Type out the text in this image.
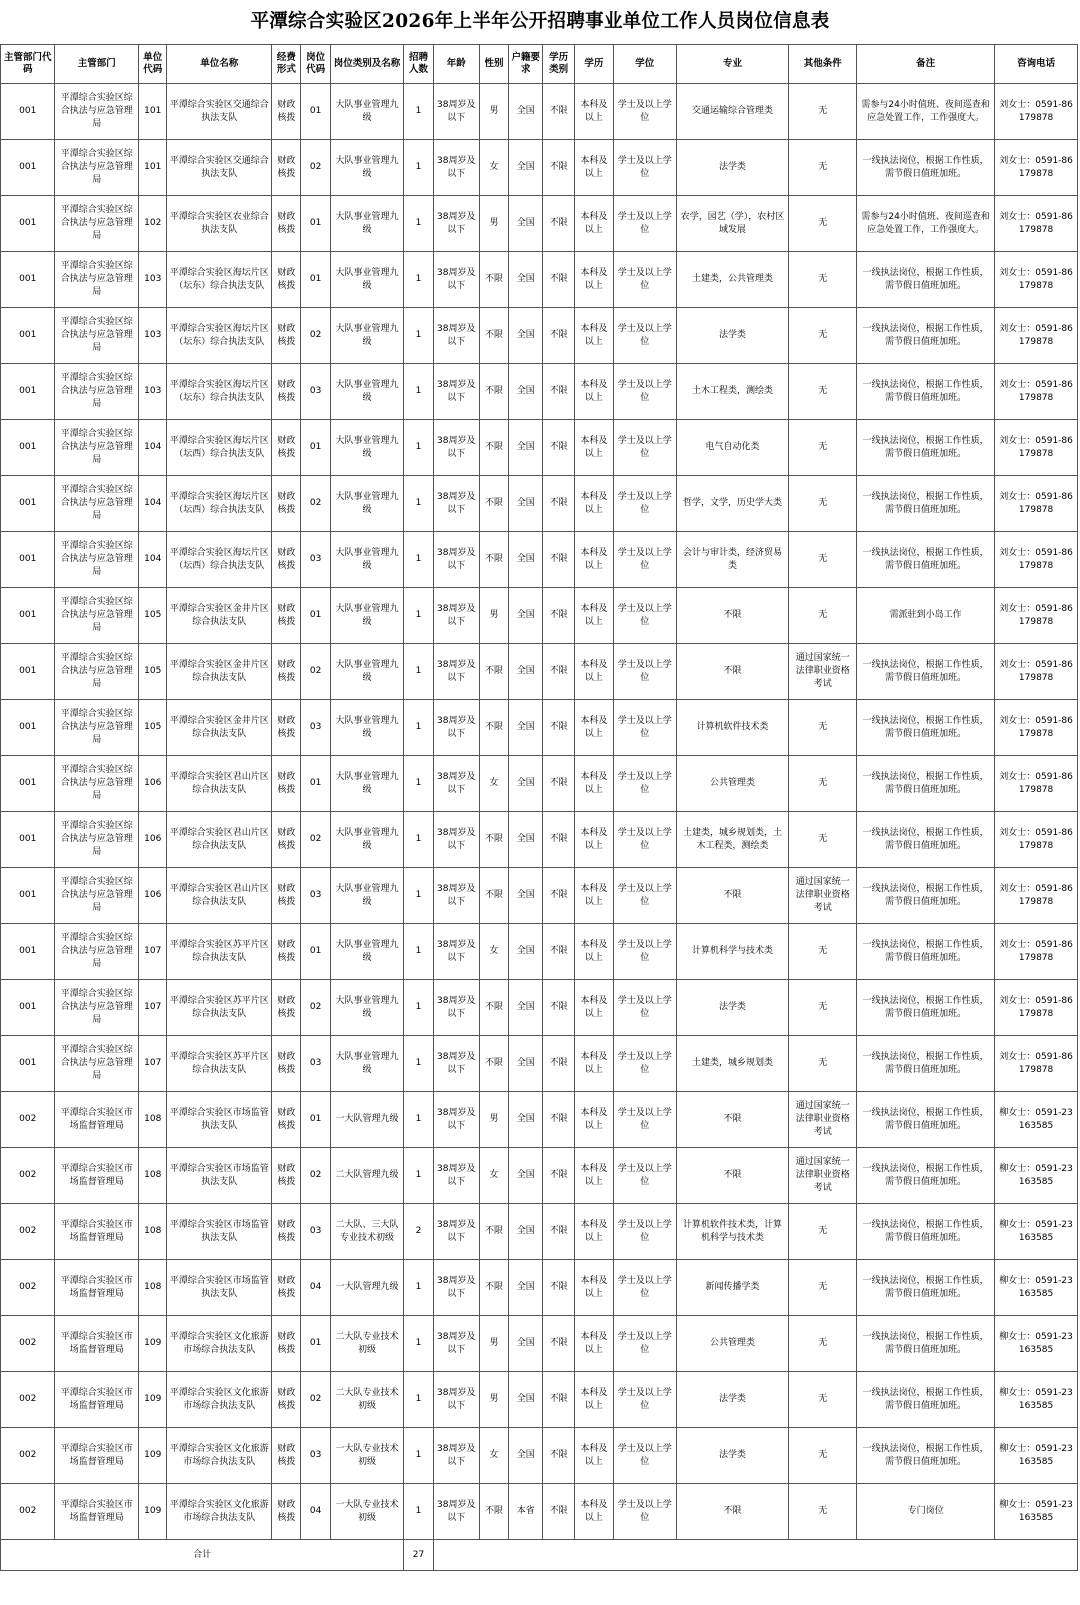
平潭综合实验区2026年上半年公开招聘事业单位工作人员岗位信息表
主管部门代码	主管部门	单位代码	单位名称	经费形式	岗位代码	岗位类别及名称	招聘人数	年龄	性别	户籍要求	学历类别	学历	学位	专业	其他条件	备注	咨询电话
001	平潭综合实验区综合执法与应急管理局	101	平潭综合实验区交通综合执法支队	财政核拨	01	大队事业管理九级	1	38周岁及以下	男	全国	不限	本科及以上	学士及以上学位	交通运输综合管理类	无	需参与24小时值班、夜间巡查和应急处置工作，工作强度大。	刘女士：0591-86179878
001	平潭综合实验区综合执法与应急管理局	101	平潭综合实验区交通综合执法支队	财政核拨	02	大队事业管理九级	1	38周岁及以下	女	全国	不限	本科及以上	学士及以上学位	法学类	无	一线执法岗位，根据工作性质，需节假日值班加班。	刘女士：0591-86179878
001	平潭综合实验区综合执法与应急管理局	102	平潭综合实验区农业综合执法支队	财政核拨	01	大队事业管理九级	1	38周岁及以下	男	全国	不限	本科及以上	学士及以上学位	农学，园艺（学），农村区域发展	无	需参与24小时值班、夜间巡查和应急处置工作，工作强度大。	刘女士：0591-86179878
001	平潭综合实验区综合执法与应急管理局	103	平潭综合实验区海坛片区（坛东）综合执法支队	财政核拨	01	大队事业管理九级	1	38周岁及以下	不限	全国	不限	本科及以上	学士及以上学位	土建类，公共管理类	无	一线执法岗位，根据工作性质，需节假日值班加班。	刘女士：0591-86179878
001	平潭综合实验区综合执法与应急管理局	103	平潭综合实验区海坛片区（坛东）综合执法支队	财政核拨	02	大队事业管理九级	1	38周岁及以下	不限	全国	不限	本科及以上	学士及以上学位	法学类	无	一线执法岗位，根据工作性质，需节假日值班加班。	刘女士：0591-86179878
001	平潭综合实验区综合执法与应急管理局	103	平潭综合实验区海坛片区（坛东）综合执法支队	财政核拨	03	大队事业管理九级	1	38周岁及以下	不限	全国	不限	本科及以上	学士及以上学位	土木工程类，测绘类	无	一线执法岗位，根据工作性质，需节假日值班加班。	刘女士：0591-86179878
001	平潭综合实验区综合执法与应急管理局	104	平潭综合实验区海坛片区（坛西）综合执法支队	财政核拨	01	大队事业管理九级	1	38周岁及以下	不限	全国	不限	本科及以上	学士及以上学位	电气自动化类	无	一线执法岗位，根据工作性质，需节假日值班加班。	刘女士：0591-86179878
001	平潭综合实验区综合执法与应急管理局	104	平潭综合实验区海坛片区（坛西）综合执法支队	财政核拨	02	大队事业管理九级	1	38周岁及以下	不限	全国	不限	本科及以上	学士及以上学位	哲学，文学，历史学大类	无	一线执法岗位，根据工作性质，需节假日值班加班。	刘女士：0591-86179878
001	平潭综合实验区综合执法与应急管理局	104	平潭综合实验区海坛片区（坛西）综合执法支队	财政核拨	03	大队事业管理九级	1	38周岁及以下	不限	全国	不限	本科及以上	学士及以上学位	会计与审计类，经济贸易类	无	一线执法岗位，根据工作性质，需节假日值班加班。	刘女士：0591-86179878
001	平潭综合实验区综合执法与应急管理局	105	平潭综合实验区金井片区综合执法支队	财政核拨	01	大队事业管理九级	1	38周岁及以下	男	全国	不限	本科及以上	学士及以上学位	不限	无	需派驻到小岛工作	刘女士：0591-86179878
001	平潭综合实验区综合执法与应急管理局	105	平潭综合实验区金井片区综合执法支队	财政核拨	02	大队事业管理九级	1	38周岁及以下	不限	全国	不限	本科及以上	学士及以上学位	不限	通过国家统一法律职业资格考试	一线执法岗位，根据工作性质，需节假日值班加班。	刘女士：0591-86179878
001	平潭综合实验区综合执法与应急管理局	105	平潭综合实验区金井片区综合执法支队	财政核拨	03	大队事业管理九级	1	38周岁及以下	不限	全国	不限	本科及以上	学士及以上学位	计算机软件技术类	无	一线执法岗位，根据工作性质，需节假日值班加班。	刘女士：0591-86179878
001	平潭综合实验区综合执法与应急管理局	106	平潭综合实验区君山片区综合执法支队	财政核拨	01	大队事业管理九级	1	38周岁及以下	女	全国	不限	本科及以上	学士及以上学位	公共管理类	无	一线执法岗位，根据工作性质，需节假日值班加班。	刘女士：0591-86179878
001	平潭综合实验区综合执法与应急管理局	106	平潭综合实验区君山片区综合执法支队	财政核拨	02	大队事业管理九级	1	38周岁及以下	不限	全国	不限	本科及以上	学士及以上学位	土建类，城乡规划类，土木工程类，测绘类	无	一线执法岗位，根据工作性质，需节假日值班加班。	刘女士：0591-86179878
001	平潭综合实验区综合执法与应急管理局	106	平潭综合实验区君山片区综合执法支队	财政核拨	03	大队事业管理九级	1	38周岁及以下	不限	全国	不限	本科及以上	学士及以上学位	不限	通过国家统一法律职业资格考试	一线执法岗位，根据工作性质，需节假日值班加班。	刘女士：0591-86179878
001	平潭综合实验区综合执法与应急管理局	107	平潭综合实验区苏平片区综合执法支队	财政核拨	01	大队事业管理九级	1	38周岁及以下	女	全国	不限	本科及以上	学士及以上学位	计算机科学与技术类	无	一线执法岗位，根据工作性质，需节假日值班加班。	刘女士：0591-86179878
001	平潭综合实验区综合执法与应急管理局	107	平潭综合实验区苏平片区综合执法支队	财政核拨	02	大队事业管理九级	1	38周岁及以下	不限	全国	不限	本科及以上	学士及以上学位	法学类	无	一线执法岗位，根据工作性质，需节假日值班加班。	刘女士：0591-86179878
001	平潭综合实验区综合执法与应急管理局	107	平潭综合实验区苏平片区综合执法支队	财政核拨	03	大队事业管理九级	1	38周岁及以下	不限	全国	不限	本科及以上	学士及以上学位	土建类，城乡规划类	无	一线执法岗位，根据工作性质，需节假日值班加班。	刘女士：0591-86179878
002	平潭综合实验区市场监督管理局	108	平潭综合实验区市场监管执法支队	财政核拨	01	一大队管理九级	1	38周岁及以下	男	全国	不限	本科及以上	学士及以上学位	不限	通过国家统一法律职业资格考试	一线执法岗位，根据工作性质，需节假日值班加班。	柳女士：0591-23163585
002	平潭综合实验区市场监督管理局	108	平潭综合实验区市场监管执法支队	财政核拨	02	二大队管理九级	1	38周岁及以下	女	全国	不限	本科及以上	学士及以上学位	不限	通过国家统一法律职业资格考试	一线执法岗位，根据工作性质，需节假日值班加班。	柳女士：0591-23163585
002	平潭综合实验区市场监督管理局	108	平潭综合实验区市场监管执法支队	财政核拨	03	二大队、三大队专业技术初级	2	38周岁及以下	不限	全国	不限	本科及以上	学士及以上学位	计算机软件技术类，计算机科学与技术类	无	一线执法岗位，根据工作性质，需节假日值班加班。	柳女士：0591-23163585
002	平潭综合实验区市场监督管理局	108	平潭综合实验区市场监管执法支队	财政核拨	04	一大队管理九级	1	38周岁及以下	不限	全国	不限	本科及以上	学士及以上学位	新闻传播学类	无	一线执法岗位，根据工作性质，需节假日值班加班。	柳女士：0591-23163585
002	平潭综合实验区市场监督管理局	109	平潭综合实验区文化旅游市场综合执法支队	财政核拨	01	二大队专业技术初级	1	38周岁及以下	男	全国	不限	本科及以上	学士及以上学位	公共管理类	无	一线执法岗位，根据工作性质，需节假日值班加班。	柳女士：0591-23163585
002	平潭综合实验区市场监督管理局	109	平潭综合实验区文化旅游市场综合执法支队	财政核拨	02	二大队专业技术初级	1	38周岁及以下	男	全国	不限	本科及以上	学士及以上学位	法学类	无	一线执法岗位，根据工作性质，需节假日值班加班。	柳女士：0591-23163585
002	平潭综合实验区市场监督管理局	109	平潭综合实验区文化旅游市场综合执法支队	财政核拨	03	一大队专业技术初级	1	38周岁及以下	女	全国	不限	本科及以上	学士及以上学位	法学类	无	一线执法岗位，根据工作性质，需节假日值班加班。	柳女士：0591-23163585
002	平潭综合实验区市场监督管理局	109	平潭综合实验区文化旅游市场综合执法支队	财政核拨	04	一大队专业技术初级	1	38周岁及以下	不限	本省	不限	本科及以上	学士及以上学位	不限	无	专门岗位	柳女士：0591-23163585
合计							27										
